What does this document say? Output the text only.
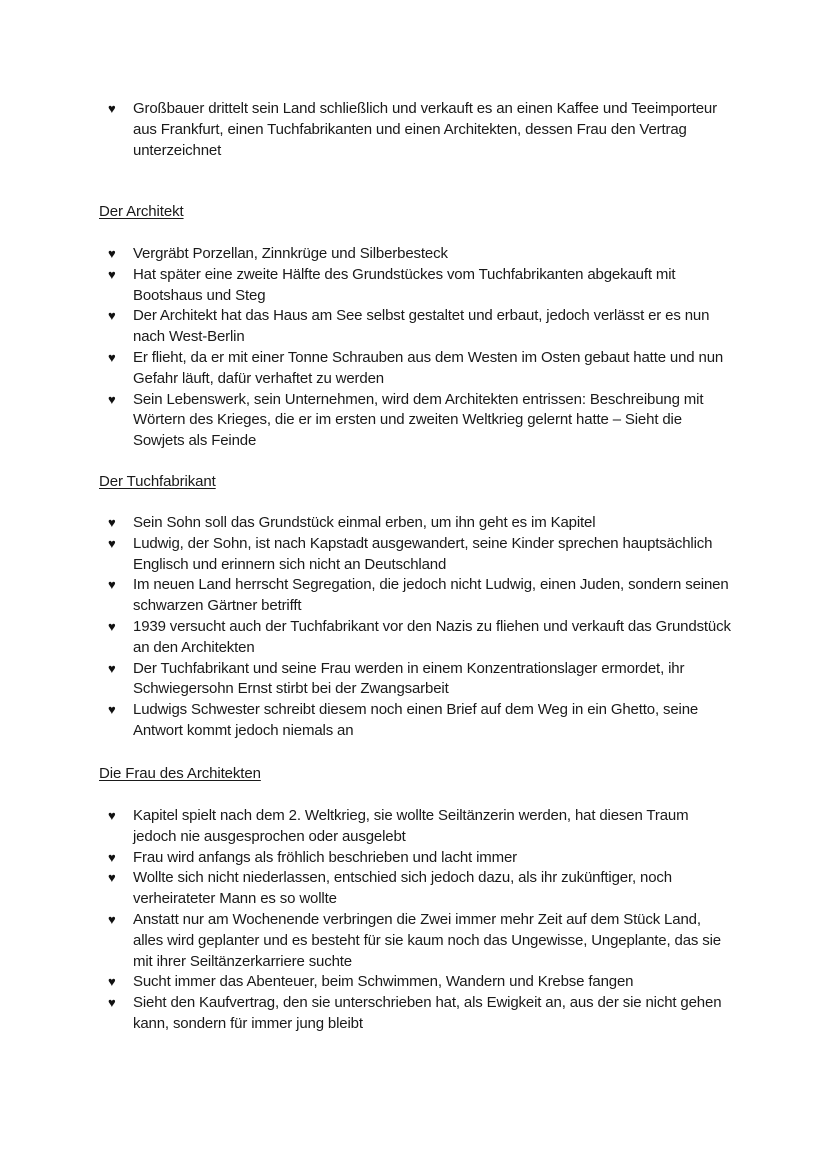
♥ Großbauer drittelt sein Land schließlich und verkauft es an einen Kaffee und Teeimporteur aus Frankfurt, einen Tuchfabrikanten und einen Architekten, dessen Frau den Vertrag unterzeichnet
Der Architekt
♥ Vergräbt Porzellan, Zinnkrüge und Silberbesteck
♥ Hat später eine zweite Hälfte des Grundstückes vom Tuchfabrikanten abgekauft mit Bootshaus und Steg
♥ Der Architekt hat das Haus am See selbst gestaltet und erbaut, jedoch verlässt er es nun nach West-Berlin
♥ Er flieht, da er mit einer Tonne Schrauben aus dem Westen im Osten gebaut hatte und nun Gefahr läuft, dafür verhaftet zu werden
♥ Sein Lebenswerk, sein Unternehmen, wird dem Architekten entrissen: Beschreibung mit Wörtern des Krieges, die er im ersten und zweiten Weltkrieg gelernt hatte – Sieht die Sowjets als Feinde
Der Tuchfabrikant
♥ Sein Sohn soll das Grundstück einmal erben, um ihn geht es im Kapitel
♥ Ludwig, der Sohn, ist nach Kapstadt ausgewandert, seine Kinder sprechen hauptsächlich Englisch und erinnern sich nicht an Deutschland
♥ Im neuen Land herrscht Segregation, die jedoch nicht Ludwig, einen Juden, sondern seinen schwarzen Gärtner betrifft
♥ 1939 versucht auch der Tuchfabrikant vor den Nazis zu fliehen und verkauft das Grundstück an den Architekten
♥ Der Tuchfabrikant und seine Frau werden in einem Konzentrationslager ermordet, ihr Schwiegersohn Ernst stirbt bei der Zwangsarbeit
♥ Ludwigs Schwester schreibt diesem noch einen Brief auf dem Weg in ein Ghetto, seine Antwort kommt jedoch niemals an
Die Frau des Architekten
♥ Kapitel spielt nach dem 2. Weltkrieg, sie wollte Seiltänzerin werden, hat diesen Traum jedoch nie ausgesprochen oder ausgelebt
♥ Frau wird anfangs als fröhlich beschrieben und lacht immer
♥ Wollte sich nicht niederlassen, entschied sich jedoch dazu, als ihr zukünftiger, noch verheirateter Mann es so wollte
♥ Anstatt nur am Wochenende verbringen die Zwei immer mehr Zeit auf dem Stück Land, alles wird geplanter und es besteht für sie kaum noch das Ungewisse, Ungeplante, das sie mit ihrer Seiltänzerkarriere suchte
♥ Sucht immer das Abenteuer, beim Schwimmen, Wandern und Krebse fangen
♥ Sieht den Kaufvertrag, den sie unterschrieben hat, als Ewigkeit an, aus der sie nicht gehen kann, sondern für immer jung bleibt
